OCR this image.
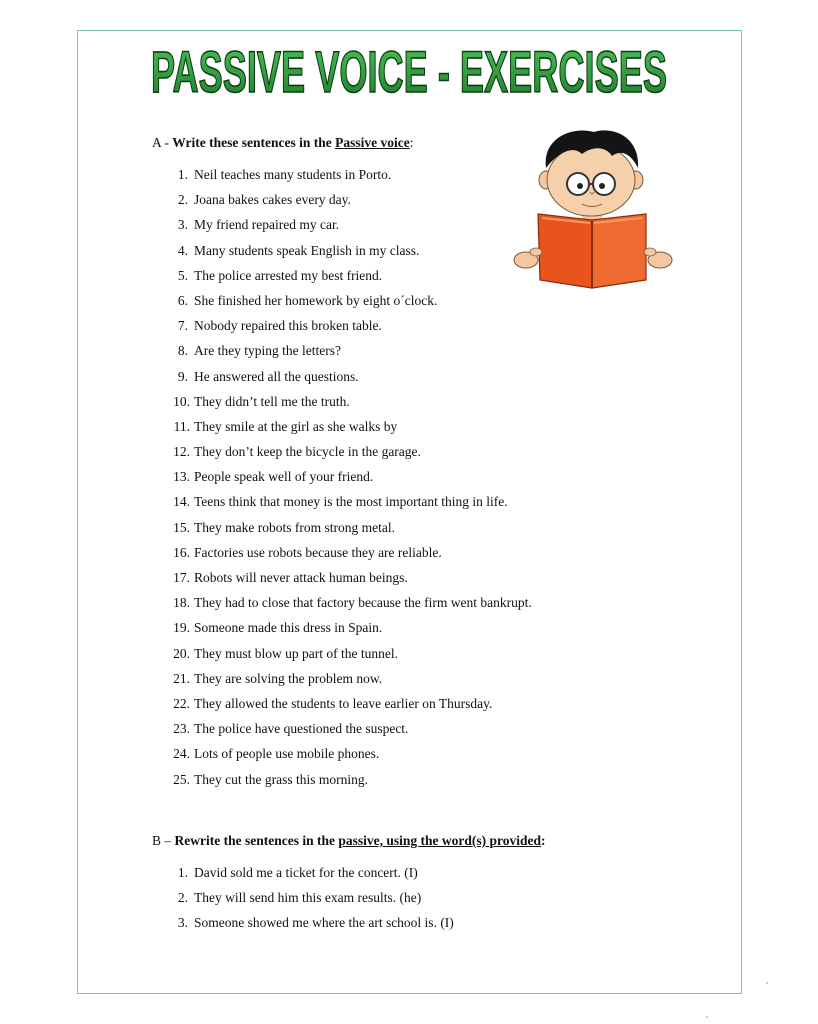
PASSIVE VOICE - EXERCISES
A - Write these sentences in the Passive voice:
1. Neil teaches many students in Porto.
2. Joana bakes cakes every day.
3. My friend repaired my car.
4. Many students speak English in my class.
5. The police arrested my best friend.
6. She finished her homework by eight o´clock.
7. Nobody repaired this broken table.
8. Are they typing the letters?
9. He answered all the questions.
10. They didn’t tell me the truth.
11. They smile at the girl as she walks by
12. They don’t keep the bicycle in the garage.
13. People speak well of your friend.
14. Teens think that money is the most important thing in life.
15. They make robots from strong metal.
16. Factories use robots because they are reliable.
17. Robots will never attack human beings.
18. They had to close that factory because the firm went bankrupt.
19. Someone made this dress in Spain.
20. They must blow up part of the tunnel.
21. They are solving the problem now.
22. They allowed the students to leave earlier on Thursday.
23. The police have questioned the suspect.
24. Lots of people use mobile phones.
25. They cut the grass this morning.
B – Rewrite the sentences in the passive, using the word(s) provided:
1. David sold me a ticket for the concert. (I)
2. They will send him this exam results. (he)
3. Someone showed me where the art school is. (I)
